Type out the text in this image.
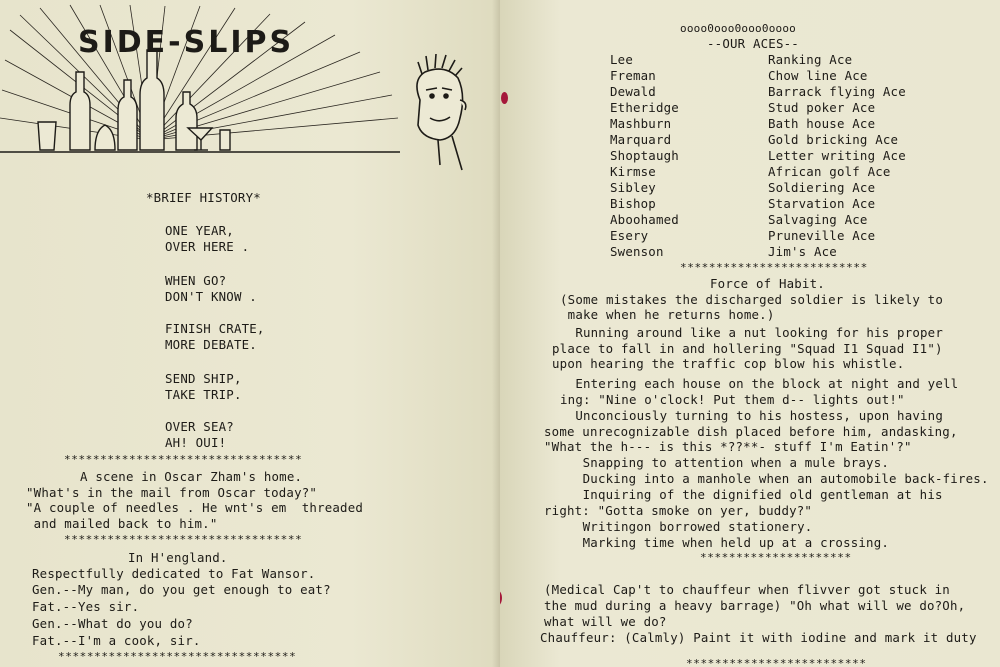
SIDE-SLIPS
*BRIEF HISTORY*
ONE YEAR,
OVER HERE .
WHEN GO?
DON'T KNOW .
FINISH CRATE,
MORE DEBATE.
SEND SHIP,
TAKE TRIP.
OVER SEA?
AH! OUI!
*********************************
A scene in Oscar Zham's home.
"What's in the mail from Oscar today?"
"A couple of needles . He wnt's em  threaded
and mailed back to him."
*********************************
In H'england.
Respectfully dedicated to Fat Wansor.
Gen.--My man, do you get enough to eat?
Fat.--Yes sir.
Gen.--What do you do?
Fat.--I'm a cook, sir.
*********************************
oooo0ooo0ooo0oooo
--OUR ACES--
Lee	Ranking Ace
Freman	Chow line Ace
Dewald	Barrack flying Ace
Etheridge	Stud poker Ace
Mashburn	Bath house Ace
Marquard	Gold bricking Ace
Shoptaugh	Letter writing Ace
Kirmse	African golf Ace
Sibley	Soldiering Ace
Bishop	Starvation Ace
Aboohamed	Salvaging Ace
Esery	Pruneville Ace
Swenson	Jim's Ace
**************************
Force of Habit.
(Some mistakes the discharged soldier is likely to
make when he returns home.)
Running around like a nut looking for his proper
place to fall in and hollering "Squad I1 Squad I1")
upon hearing the traffic cop blow his whistle.
Entering each house on the block at night and yell
ing: "Nine o'clock! Put them d-- lights out!"
Unconciously turning to his hostess, upon having
some unrecognizable dish placed before him, andasking,
"What the h--- is this *??**- stuff I'm Eatin'?"
Snapping to attention when a mule brays.
Ducking into a manhole when an automobile back-fires.
Inquiring of the dignified old gentleman at his
right: "Gotta smoke on yer, buddy?"
Writingon borrowed stationery.
Marking time when held up at a crossing.
*********************
(Medical Cap't to chauffeur when flivver got stuck in
the mud during a heavy barrage) "Oh what will we do?Oh,
what will we do?
Chauffeur: (Calmly) Paint it with iodine and mark it duty
*************************
